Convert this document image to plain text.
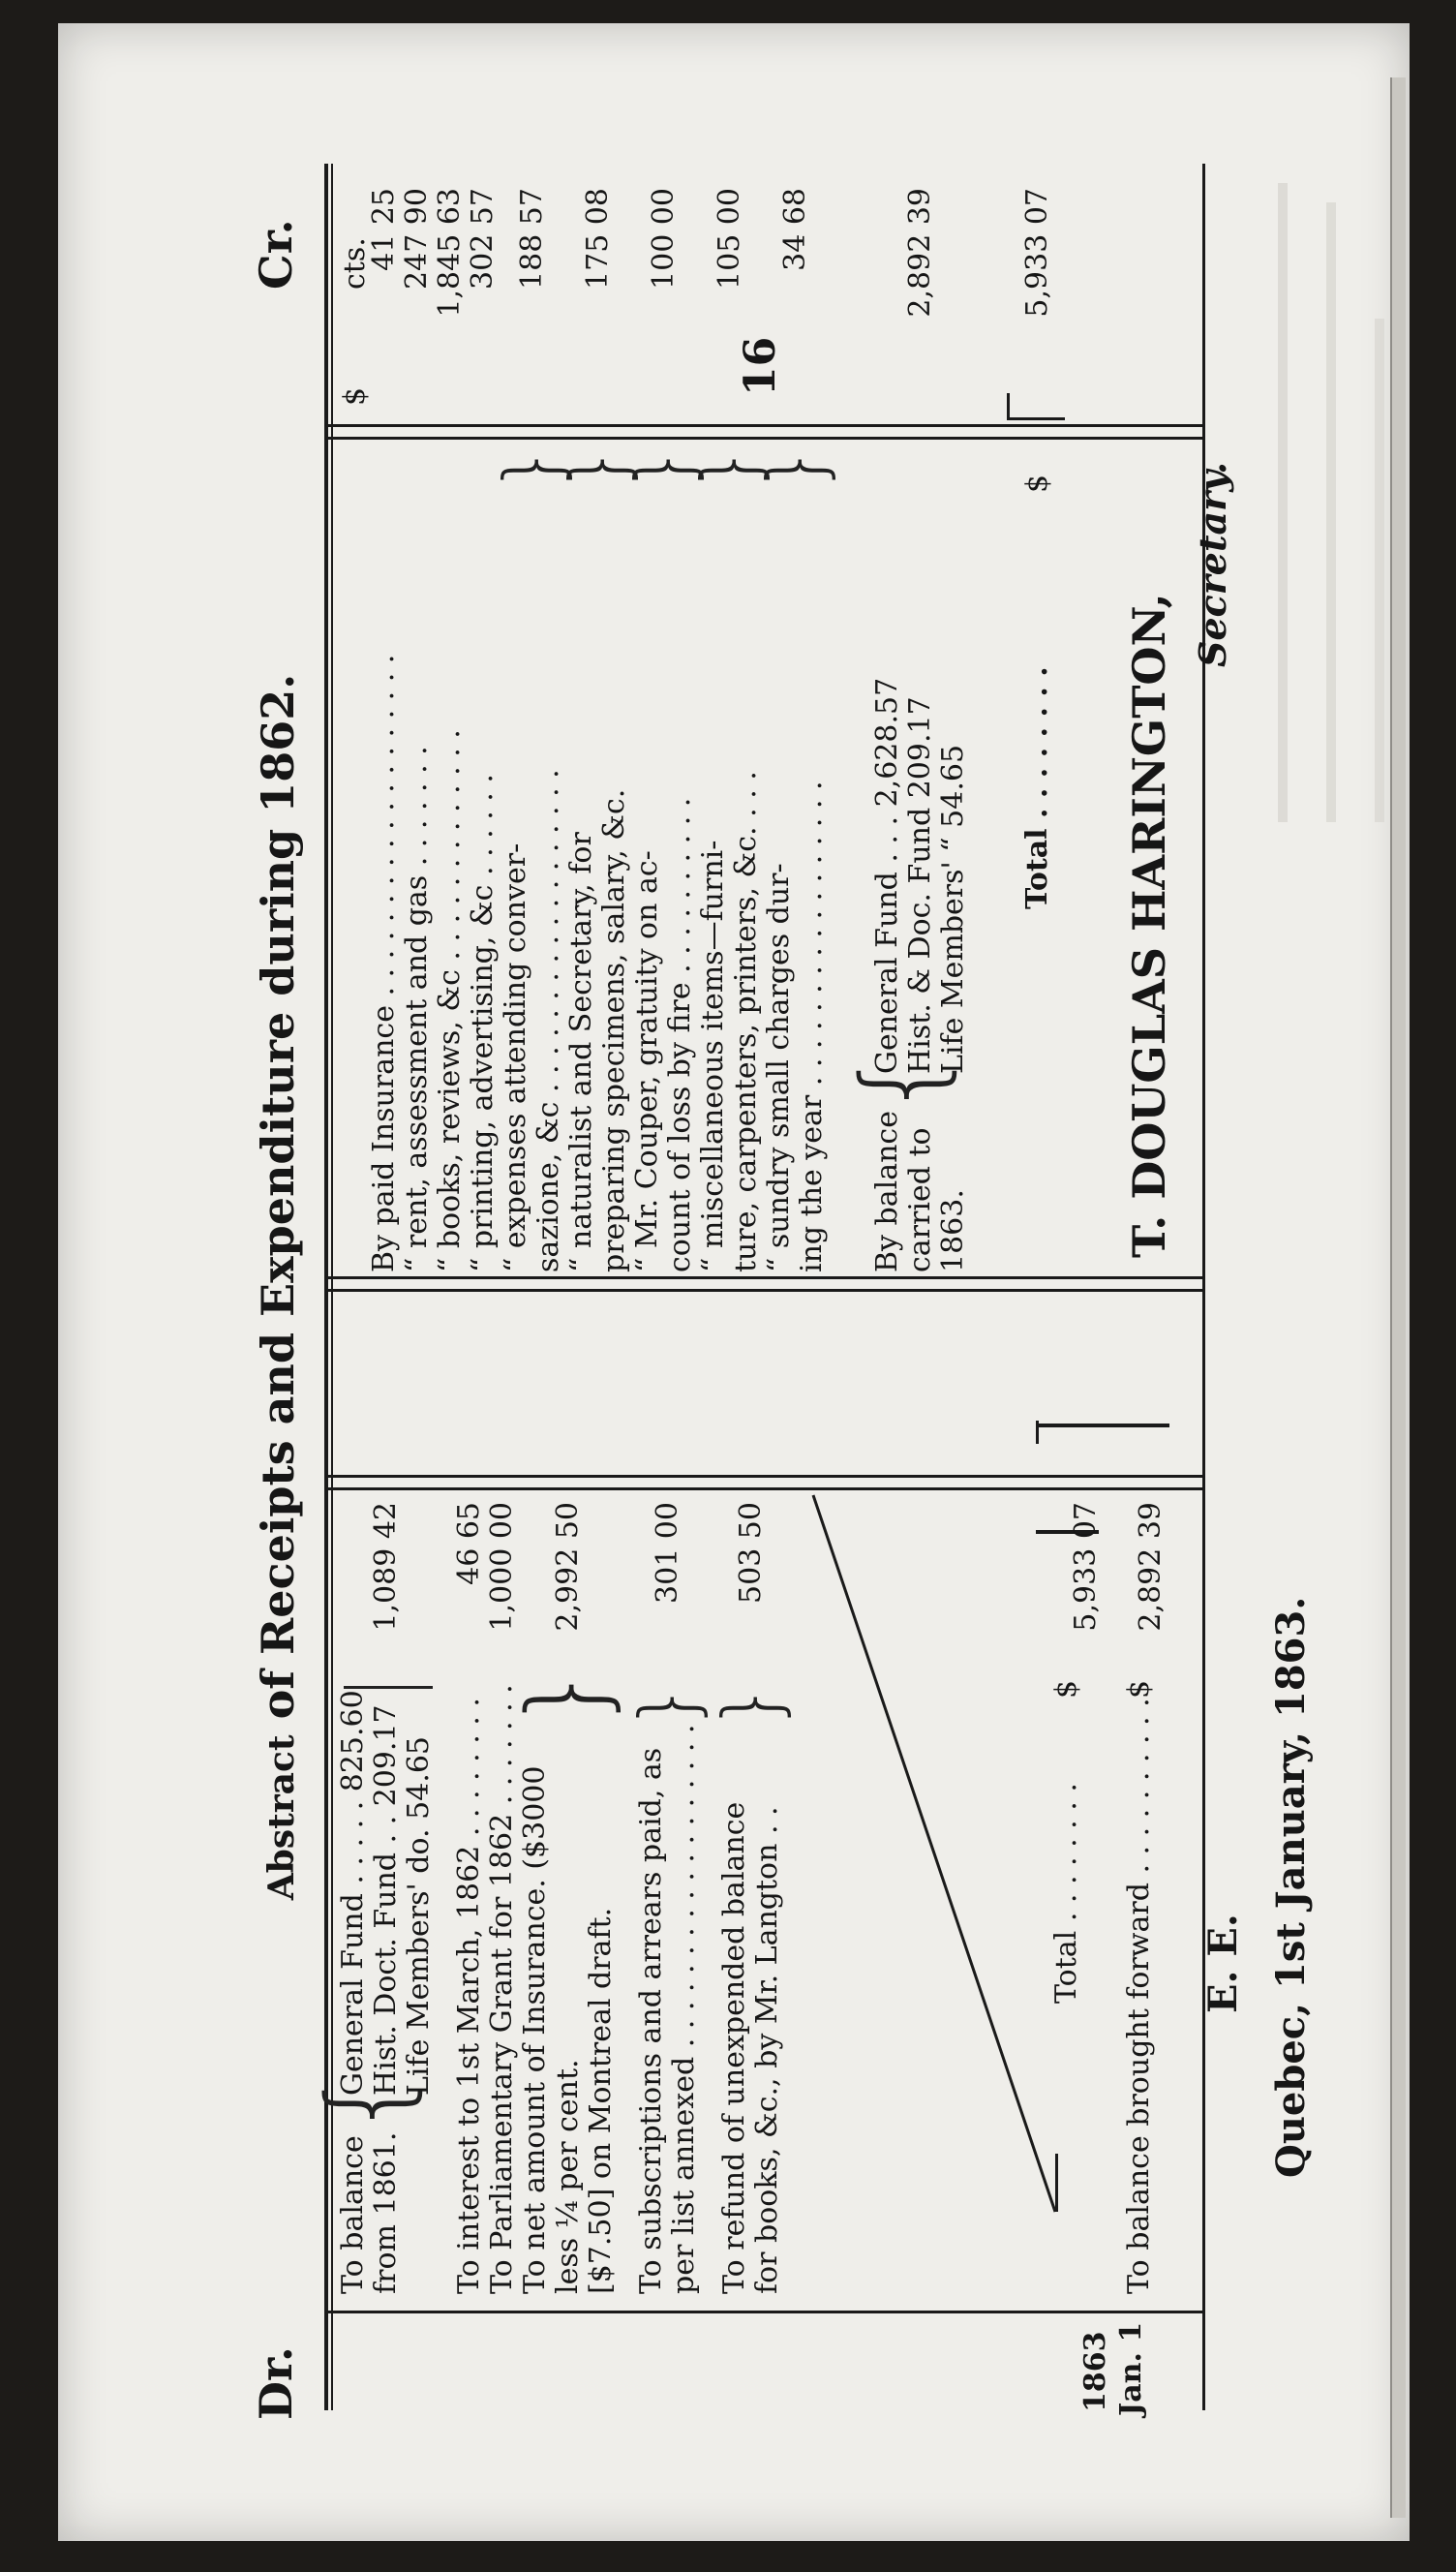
16
Dr.
Abstract of Receipts and Expenditure during 1862.
Cr.
1863 Jan. 1
To balance from 1861.
{
General Fund . . . . . 825.60 Hist. Doct. Fund . . 209.17 Life Members' do. 54.65
1,089 42
To interest to 1st March, 1862 . . . . . . . .
46 65
To Parliamentary Grant for 1862 . . . . . . .
1,000 00
To net amount of Insurance. ($3000 less ¼ per cent. [$7.50] on Montreal draft.
}
2,992 50
To subscriptions and arrears paid, as per list annexed . . . . . . . . . . . . . . . . . .
}
301 00
To refund of unexpended balance for books, &c., by Mr. Langton . .
}
503 50
Total . . . . . . . .
$
5,933 07
To balance brought forward . . . . . . . . . .
$
2,892 39
$
cts.
By paid Insurance . . . . . . . . . . . . . . . . . . .
41 25
“ rent, assessment and gas . . . . . . .
247 90
“ books, reviews, &c . . . . . . . . . . . . .
1,845 63
“ printing, advertising, &c . . . . . .
302 57
“ expenses attending conver- sazione, &c . . . . . . . . . . . . . . . . . .
}
188 57
“ naturalist and Secretary, for preparing specimens, salary, &c.
}
175 08
“ Mr. Couper, gratuity on ac- count of loss by fire . . . . . . . . . .
}
100 00
“ miscellaneous items—furni- ture, carpenters, printers, &c. . . .
}
105 00
“ sundry small charges dur- ing the year . . . . . . . . . . . . . . . . .
}
34 68
By balance carried to 1863.
{
General Fund . . . 2,628.57 Hist. & Doc. Fund 209.17 Life Members' “ 54.65
2,892 39
Total . . . . . . . .
$
5,933 07
E. E. Quebec, 1st January, 1863.
T. DOUGLAS HARINGTON,
Secretary.
